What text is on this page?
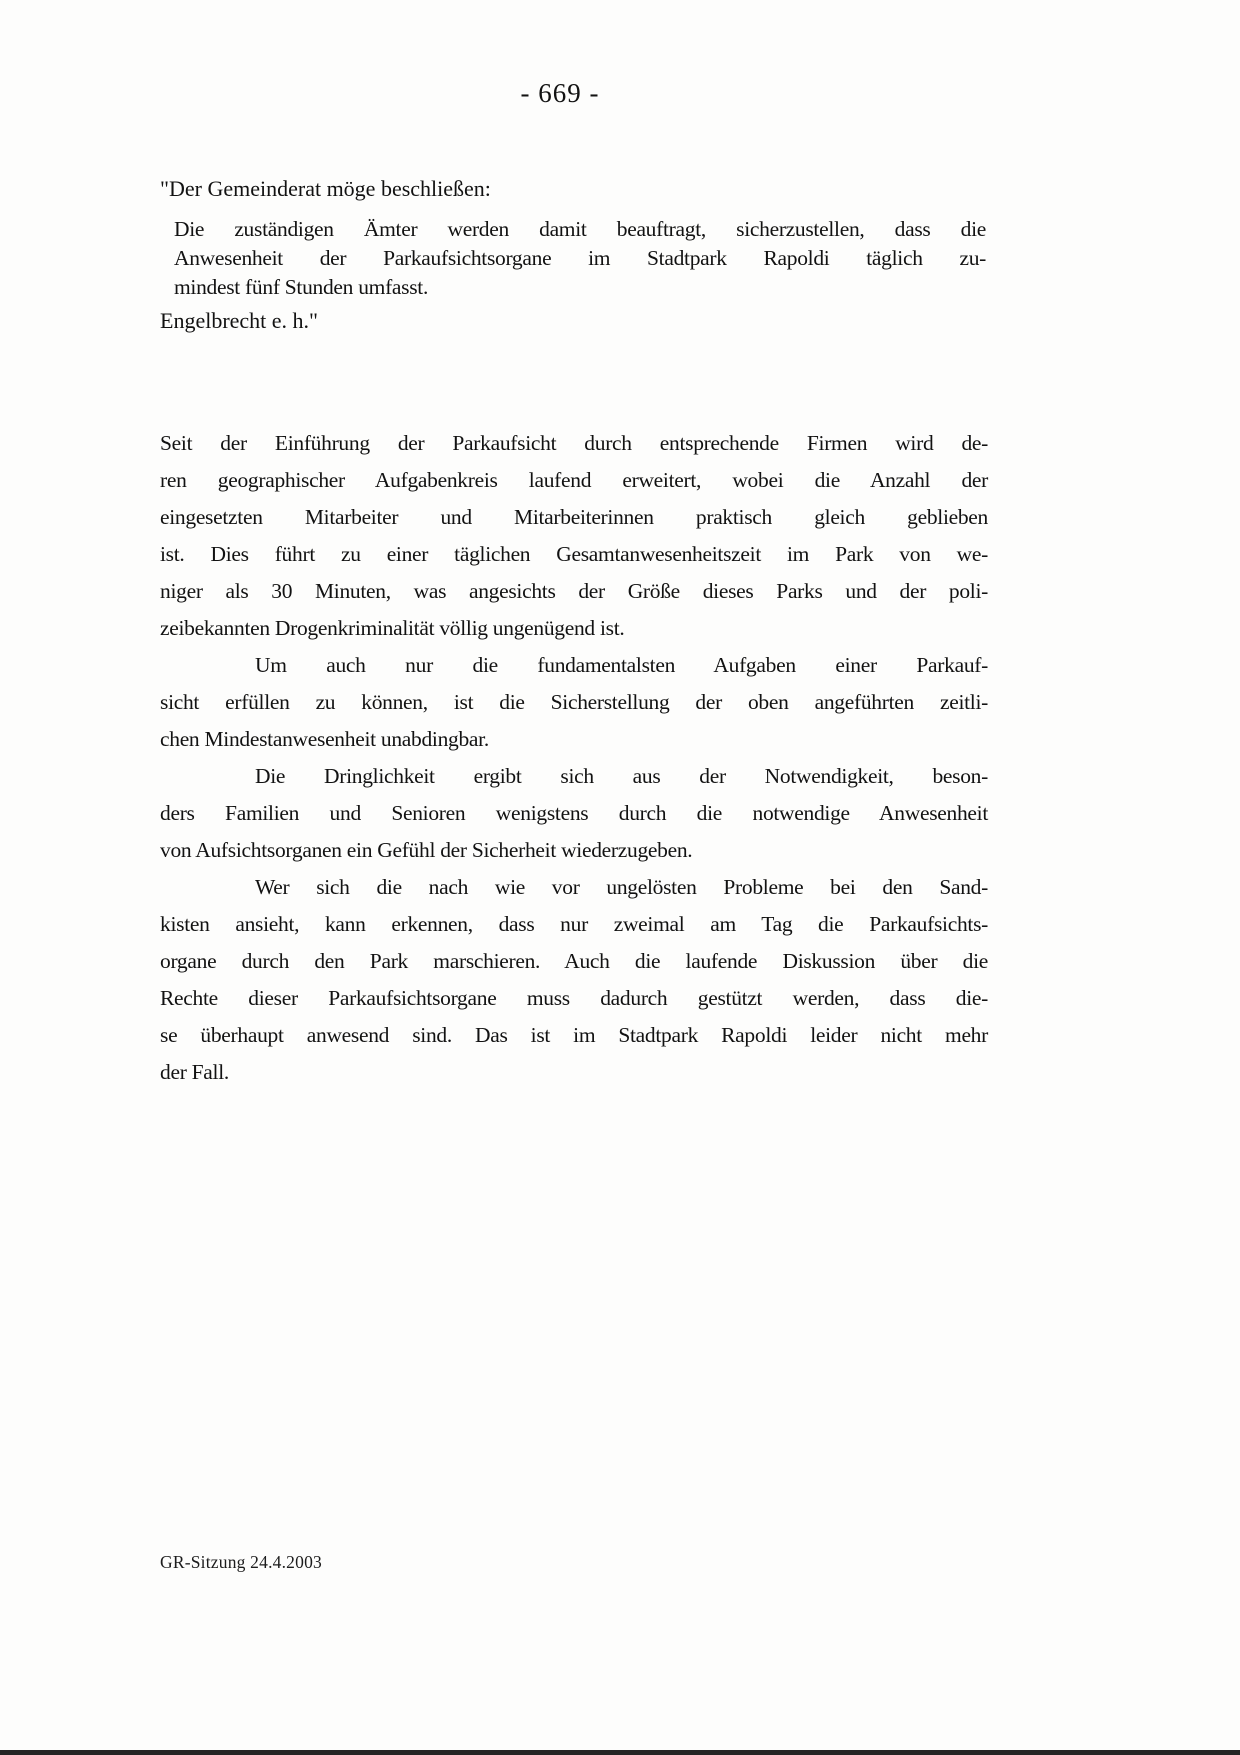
- 669 -
"Der Gemeinderat möge beschließen:
Die zuständigen Ämter werden damit beauftragt, sicherzustellen, dass die
Anwesenheit der Parkaufsichtsorgane im Stadtpark Rapoldi täglich zu-
mindest fünf Stunden umfasst.
Engelbrecht e. h."
Seit der Einführung der Parkaufsicht durch entsprechende Firmen wird de-
ren geographischer Aufgabenkreis laufend erweitert, wobei die Anzahl der
eingesetzten Mitarbeiter und Mitarbeiterinnen praktisch gleich geblieben
ist. Dies führt zu einer täglichen Gesamtanwesenheitszeit im Park von we-
niger als 30 Minuten, was angesichts der Größe dieses Parks und der poli-
zeibekannten Drogenkriminalität völlig ungenügend ist.
Um auch nur die fundamentalsten Aufgaben einer Parkauf-
sicht erfüllen zu können, ist die Sicherstellung der oben angeführten zeitli-
chen Mindestanwesenheit unabdingbar.
Die Dringlichkeit ergibt sich aus der Notwendigkeit, beson-
ders Familien und Senioren wenigstens durch die notwendige Anwesenheit
von Aufsichtsorganen ein Gefühl der Sicherheit wiederzugeben.
Wer sich die nach wie vor ungelösten Probleme bei den Sand-
kisten ansieht, kann erkennen, dass nur zweimal am Tag die Parkaufsichts-
organe durch den Park marschieren. Auch die laufende Diskussion über die
Rechte dieser Parkaufsichtsorgane muss dadurch gestützt werden, dass die-
se überhaupt anwesend sind. Das ist im Stadtpark Rapoldi leider nicht mehr
der Fall.
GR-Sitzung 24.4.2003
